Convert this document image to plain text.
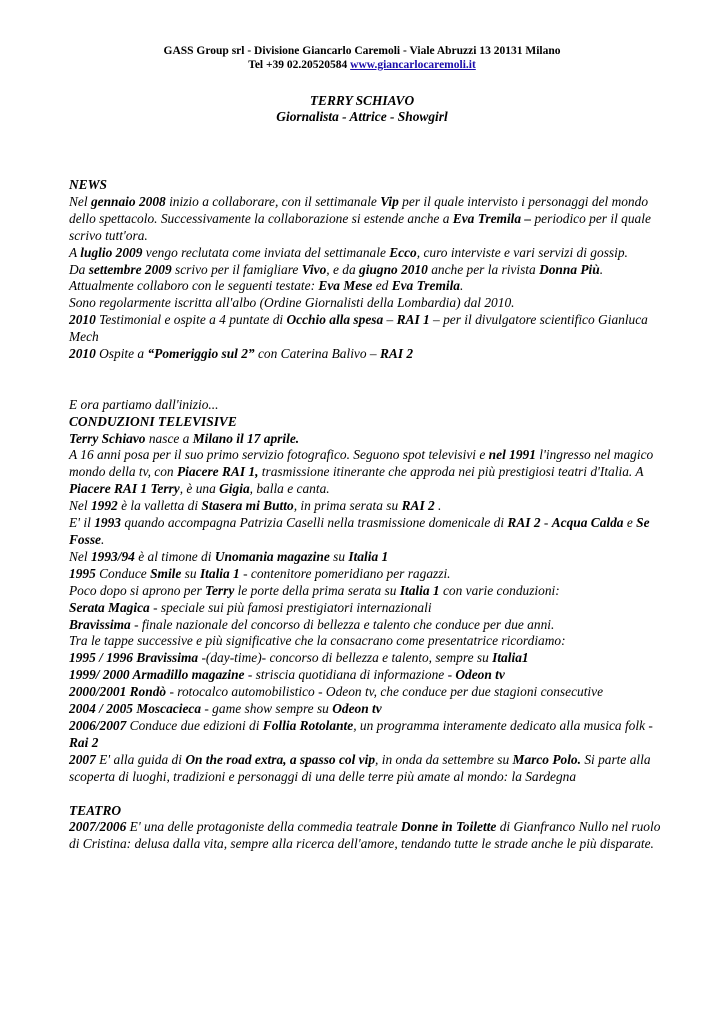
GASS Group srl - Divisione Giancarlo Caremoli - Viale Abruzzi 13 20131 Milano
Tel +39 02.20520584 www.giancarlocaremoli.it
TERRY SCHIAVO
Giornalista - Attrice - Showgirl

NEWS

Nel gennaio 2008 inizio a collaborare, con il settimanale Vip per il quale intervisto i personaggi del mondo dello spettacolo. Successivamente la collaborazione si estende anche a Eva Tremila – periodico per il quale scrivo tutt'ora.

A luglio 2009 vengo reclutata come inviata del settimanale Ecco, curo interviste e vari servizi di gossip.

Da settembre 2009 scrivo per il famigliare Vivo, e da giugno 2010 anche per la rivista Donna Più.

Attualmente collaboro con le seguenti testate: Eva Mese ed Eva Tremila.

Sono regolarmente iscritta all'albo (Ordine Giornalisti della Lombardia) dal 2010.

2010 Testimonial e ospite a 4 puntate di Occhio alla spesa – RAI 1 – per il divulgatore scientifico Gianluca Mech

2010 Ospite a “Pomeriggio sul 2” con Caterina Balivo – RAI 2

E ora partiamo dall'inizio...

CONDUZIONI TELEVISIVE

Terry Schiavo nasce a Milano il 17 aprile.

A 16 anni posa per il suo primo servizio fotografico. Seguono spot televisivi e nel 1991 l'ingresso nel magico mondo della tv, con Piacere RAI 1, trasmissione itinerante che approda nei più prestigiosi teatri d'Italia. A Piacere RAI 1 Terry, è una Gigia, balla e canta.

Nel 1992 è la valletta di Stasera mi Butto, in prima serata su RAI 2 .

E' il 1993 quando accompagna Patrizia Caselli nella trasmissione domenicale di RAI 2 - Acqua Calda e Se Fosse.

Nel 1993/94 è al timone di Unomania magazine su Italia 1

1995 Conduce Smile su Italia 1 - contenitore pomeridiano per ragazzi.

Poco dopo si aprono per Terry le porte della prima serata su Italia 1 con varie conduzioni:

Serata Magica - speciale sui più famosi prestigiatori internazionali

Bravissima - finale nazionale del concorso di bellezza e talento che conduce per due anni.

Tra le tappe successive e più significative che la consacrano come presentatrice ricordiamo:

1995 / 1996 Bravissima -(day-time)- concorso di bellezza e talento, sempre su Italia1

1999/ 2000 Armadillo magazine - striscia quotidiana di informazione - Odeon tv

2000/2001 Rondò - rotocalco automobilistico - Odeon tv, che conduce per due stagioni consecutive

2004 / 2005 Moscacieca - game show sempre su Odeon tv

2006/2007 Conduce due edizioni di Follia Rotolante, un programma interamente dedicato alla musica folk - Rai 2

2007 E' alla guida di On the road extra, a spasso col vip, in onda da settembre su Marco Polo. Si parte alla

scoperta di luoghi, tradizioni e personaggi di una delle terre più amate al mondo: la Sardegna

TEATRO

2007/2006 E' una delle protagoniste della commedia teatrale Donne in Toilette di Gianfranco Nullo nel ruolo di Cristina: delusa dalla vita, sempre alla ricerca dell'amore, tendando tutte le strade anche le più disparate.
